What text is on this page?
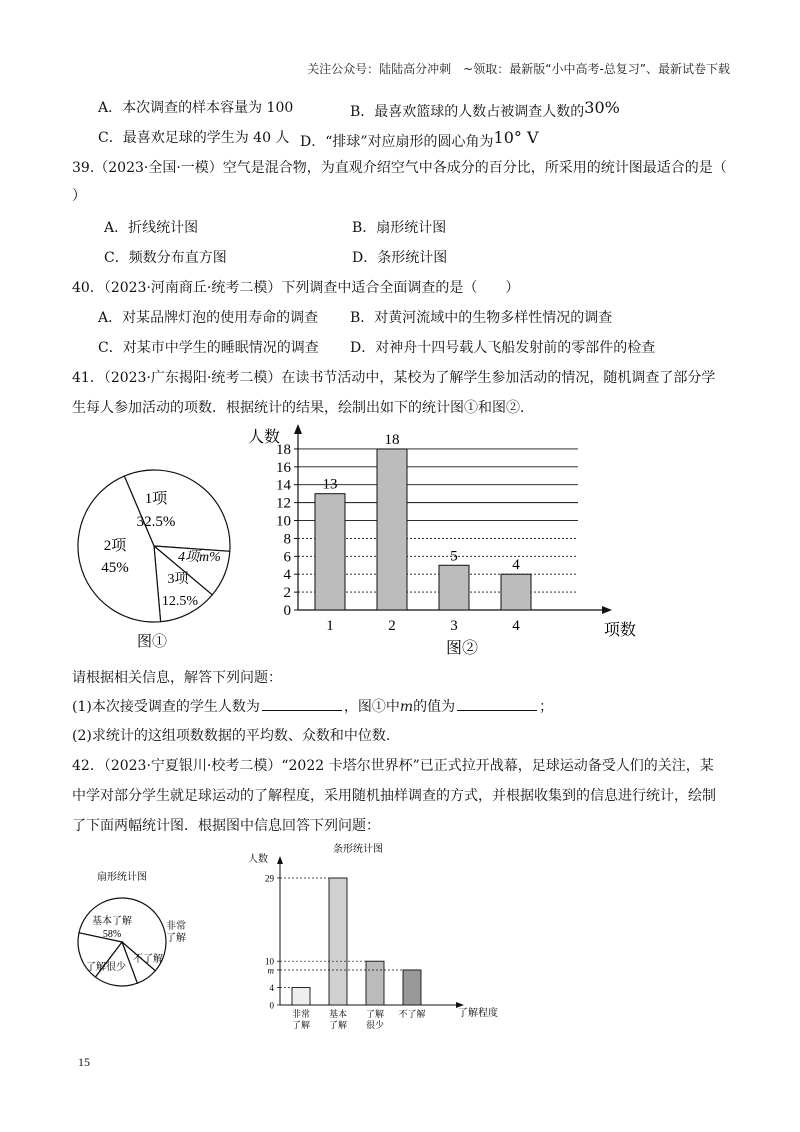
关注公众号：陆陆高分冲刺　~领取：最新版“小中高考-总复习”、最新试卷下载
A．本次调查的样本容量为 100	B．最喜欢篮球的人数占被调查人数的30%
C．最喜欢足球的学生为 40 人 D．“排球”对应扇形的圆心角为10° V
39.（2023·全国·一模）空气是混合物，为直观介绍空气中各成分的百分比，所采用的统计图最适合的是（
）
A．折线统计图	B．扇形统计图
C．频数分布直方图	D．条形统计图
40．（2023·河南商丘·统考二模）下列调查中适合全面调查的是（　　）
A．对某品牌灯泡的使用寿命的调查 B．对黄河流域中的生物多样性情况的调查
C．对某市中学生的睡眠情况的调查 D．对神舟十四号载人飞船发射前的零部件的检查
41．（2023·广东揭阳·统考二模）在读书节活动中，某校为了解学生参加活动的情况，随机调查了部分学
生每人参加活动的项数．根据统计的结果，绘制出如下的统计图①和图②．
1项
32.5%
2项
45%
3项
12.5%
4项m%
图①
人数
0
2
4
6
8
10
12
14
16
18
13
1
18
2
5
3
4
4	项数
图②
请根据相关信息，解答下列问题：
(1)本次接受调查的学生人数为	，图①中m的值为	；
(2)求统计的这组项数数据的平均数、众数和中位数.
42．（2023·宁夏银川·校考二模）“2022 卡塔尔世界杯”已正式拉开战幕，足球运动备受人们的关注，某
中学对部分学生就足球运动的了解程度，采用随机抽样调查的方式，并根据收集到的信息进行统计，绘制
了下面两幅统计图．根据图中信息回答下列问题：
扇形统计图
基本了解
58%
非常
了解
不了解
了解很少
条形统计图
人数
0
4
m
10
29
非常
了解
基本
了解
了解
很少
不了解	了解程度
15
